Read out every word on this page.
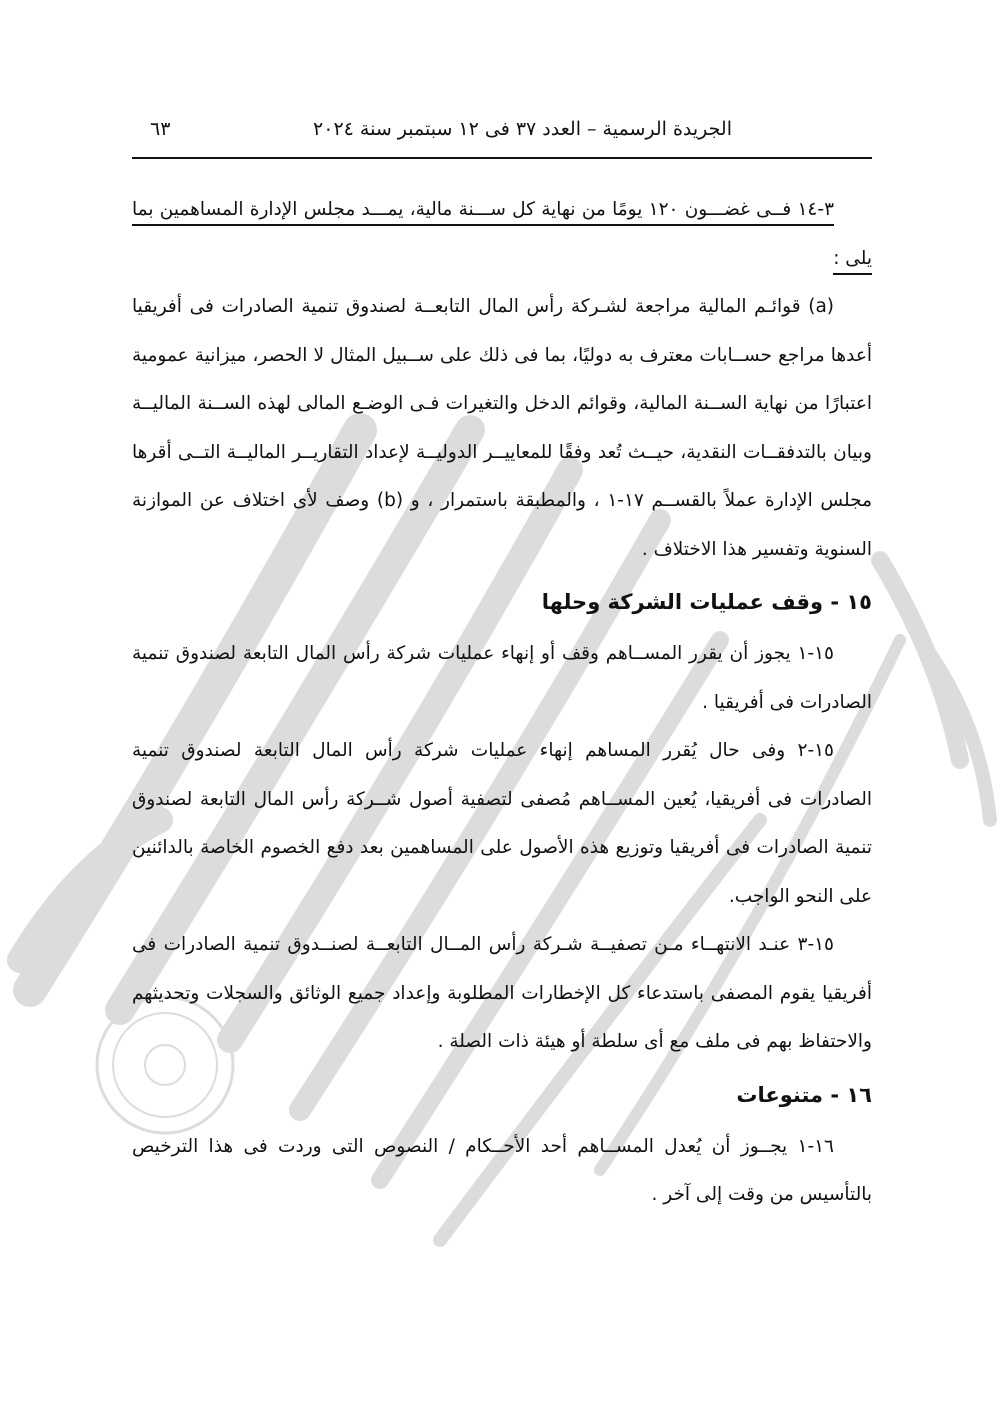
الجريدة الرسمية – العدد ٣٧ فى ١٢ سبتمبر سنة ٢٠٢٤
٦٣

٣-١٤ فــى غضـــون ١٢٠ يومًا من نهاية كل ســـنة مالية، يمـــد مجلس الإدارة المساهمين بما يلى :

(a) قوائـم المالية مراجعة لشـركة رأس المال التابعــة لصندوق تنمية الصادرات فى أفريقيا أعدها مراجع حســابات معترف به دوليًا، بما فى ذلك على ســبيل المثال لا الحصر، ميزانية عمومية اعتبارًا من نهاية الســنة المالية، وقوائم الدخل والتغيرات فـى الوضـع المالى لهذه الســنة الماليــة وبيان بالتدفقــات النقدية، حيــث تُعد وفقًا للمعاييــر الدوليــة لإعداد التقاريــر الماليــة التــى أقرها مجلس الإدارة عملاً بالقســم ١٧-١ ، والمطبقة باستمرار ، و (b) وصف لأى اختلاف عن الموازنة السنوية وتفسير هذا الاختلاف .

١٥ - وقف عمليات الشركة وحلها

١٥-١ يجوز أن يقرر المســاهم وقف أو إنهاء عمليات شركة رأس المال التابعة لصندوق تنمية الصادرات فى أفريقيا .

١٥-٢ وفى حال يُقرر المساهم إنهاء عمليات شركة رأس المال التابعة لصندوق تنمية الصادرات فى أفريقيا، يُعين المســاهم مُصفى لتصفية أصول شــركة رأس المال التابعة لصندوق تنمية الصادرات فى أفريقيا وتوزيع هذه الأصول على المساهمين بعد دفع الخصوم الخاصة بالدائنين على النحو الواجب.

١٥-٣ عنـد الانتهــاء مـن تصفيــة شـركة رأس المــال التابعــة لصنــدوق تنمية الصادرات فى أفريقيا يقوم المصفى باستدعاء كل الإخطارات المطلوبة وإعداد جميع الوثائق والسجلات وتحديثهم والاحتفاظ بهم فى ملف مع أى سلطة أو هيئة ذات الصلة .

١٦ - متنوعات

١٦-١ يجــوز أن يُعدل المســاهم أحد الأحــكام / النصوص التى وردت فى هذا الترخيص بالتأسيس من وقت إلى آخر .
